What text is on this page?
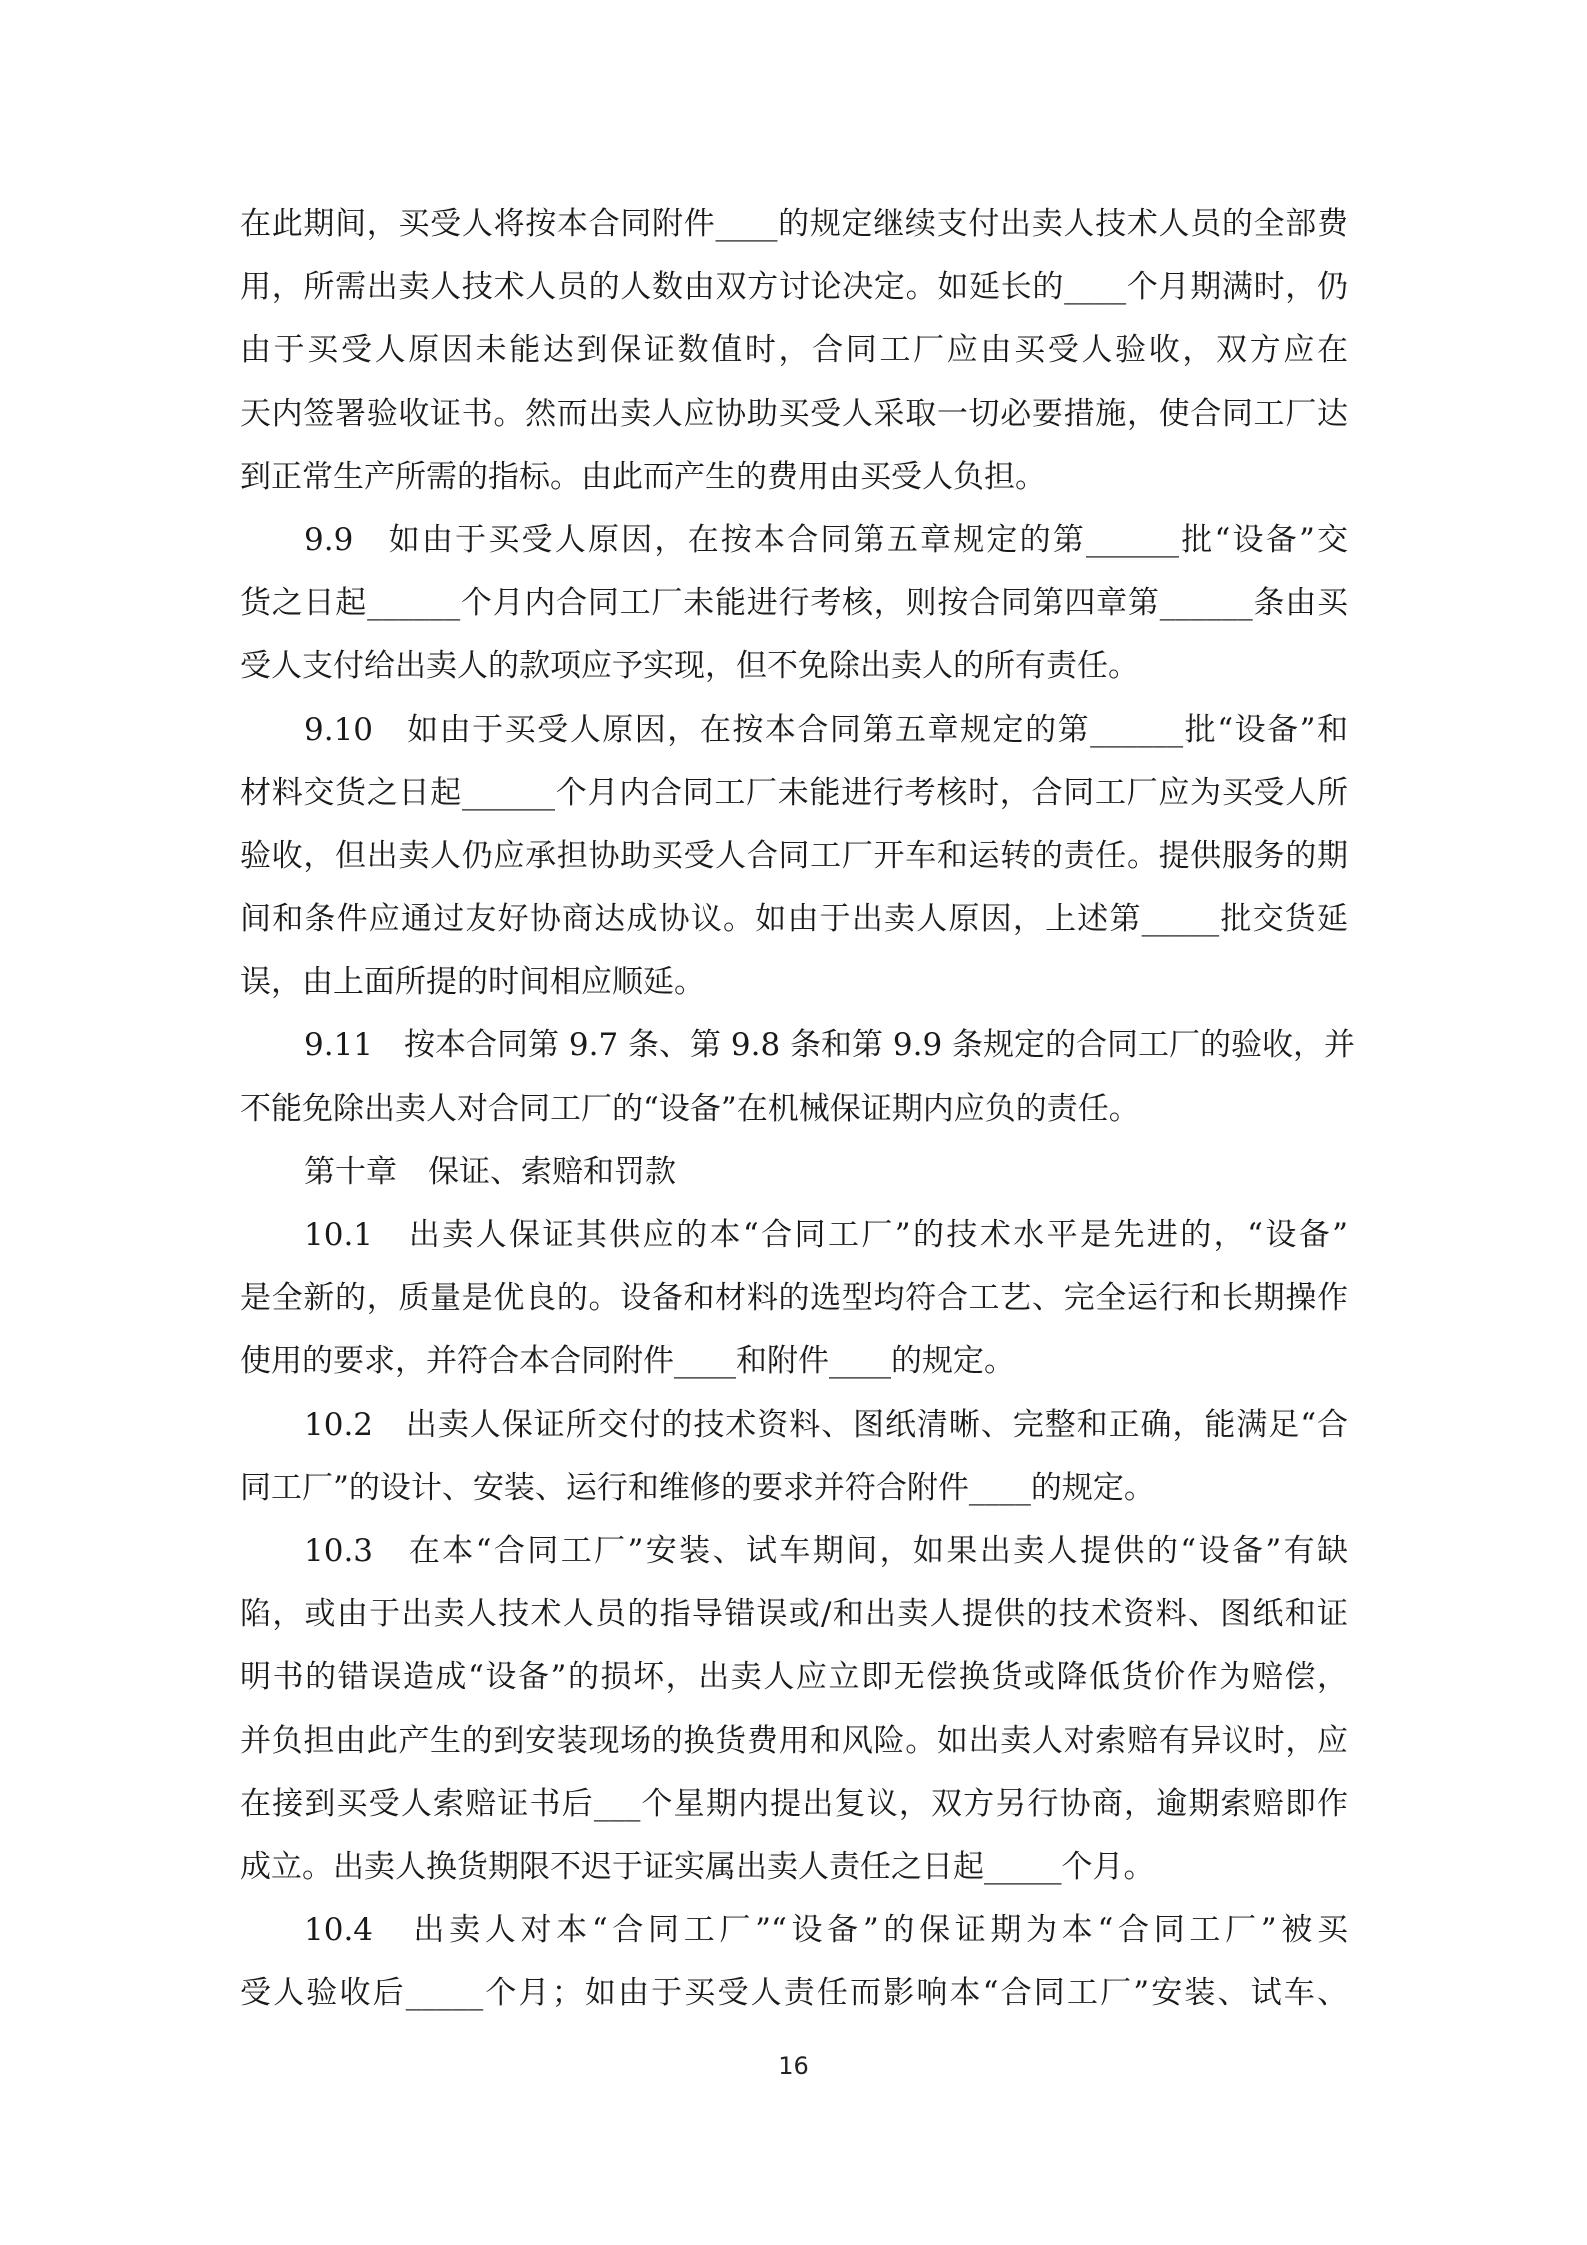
在此期间，买受人将按本合同附件____的规定继续支付出卖人技术人员的全部费
用，所需出卖人技术人员的人数由双方讨论决定。如延长的____个月期满时，仍
由于买受人原因未能达到保证数值时，合同工厂应由买受人验收，双方应在
天内签署验收证书。然而出卖人应协助买受人采取一切必要措施，使合同工厂达
到正常生产所需的指标。由此而产生的费用由买受人负担。
9.9　如由于买受人原因，在按本合同第五章规定的第______批“设备”交
货之日起______个月内合同工厂未能进行考核，则按合同第四章第______条由买
受人支付给出卖人的款项应予实现，但不免除出卖人的所有责任。
9.10　如由于买受人原因，在按本合同第五章规定的第______批“设备”和
材料交货之日起______个月内合同工厂未能进行考核时，合同工厂应为买受人所
验收，但出卖人仍应承担协助买受人合同工厂开车和运转的责任。提供服务的期
间和条件应通过友好协商达成协议。如由于出卖人原因，上述第_____批交货延
误，由上面所提的时间相应顺延。
9.11　按本合同第 9.7 条、第 9.8 条和第 9.9 条规定的合同工厂的验收，并
不能免除出卖人对合同工厂的“设备”在机械保证期内应负的责任。
第十章　保证、索赔和罚款
10.1　出卖人保证其供应的本“合同工厂”的技术水平是先进的，“设备”
是全新的，质量是优良的。设备和材料的选型均符合工艺、完全运行和长期操作
使用的要求，并符合本合同附件____和附件____的规定。
10.2　出卖人保证所交付的技术资料、图纸清晰、完整和正确，能满足“合
同工厂”的设计、安装、运行和维修的要求并符合附件____的规定。
10.3　在本“合同工厂”安装、试车期间，如果出卖人提供的“设备”有缺
陷，或由于出卖人技术人员的指导错误或/和出卖人提供的技术资料、图纸和证
明书的错误造成“设备”的损坏，出卖人应立即无偿换货或降低货价作为赔偿，
并负担由此产生的到安装现场的换货费用和风险。如出卖人对索赔有异议时，应
在接到买受人索赔证书后___个星期内提出复议，双方另行协商，逾期索赔即作
成立。出卖人换货期限不迟于证实属出卖人责任之日起_____个月。
10.4　出卖人对本“合同工厂”“设备”的保证期为本“合同工厂”被买
受人验收后_____个月；如由于买受人责任而影响本“合同工厂”安装、试车、
16
